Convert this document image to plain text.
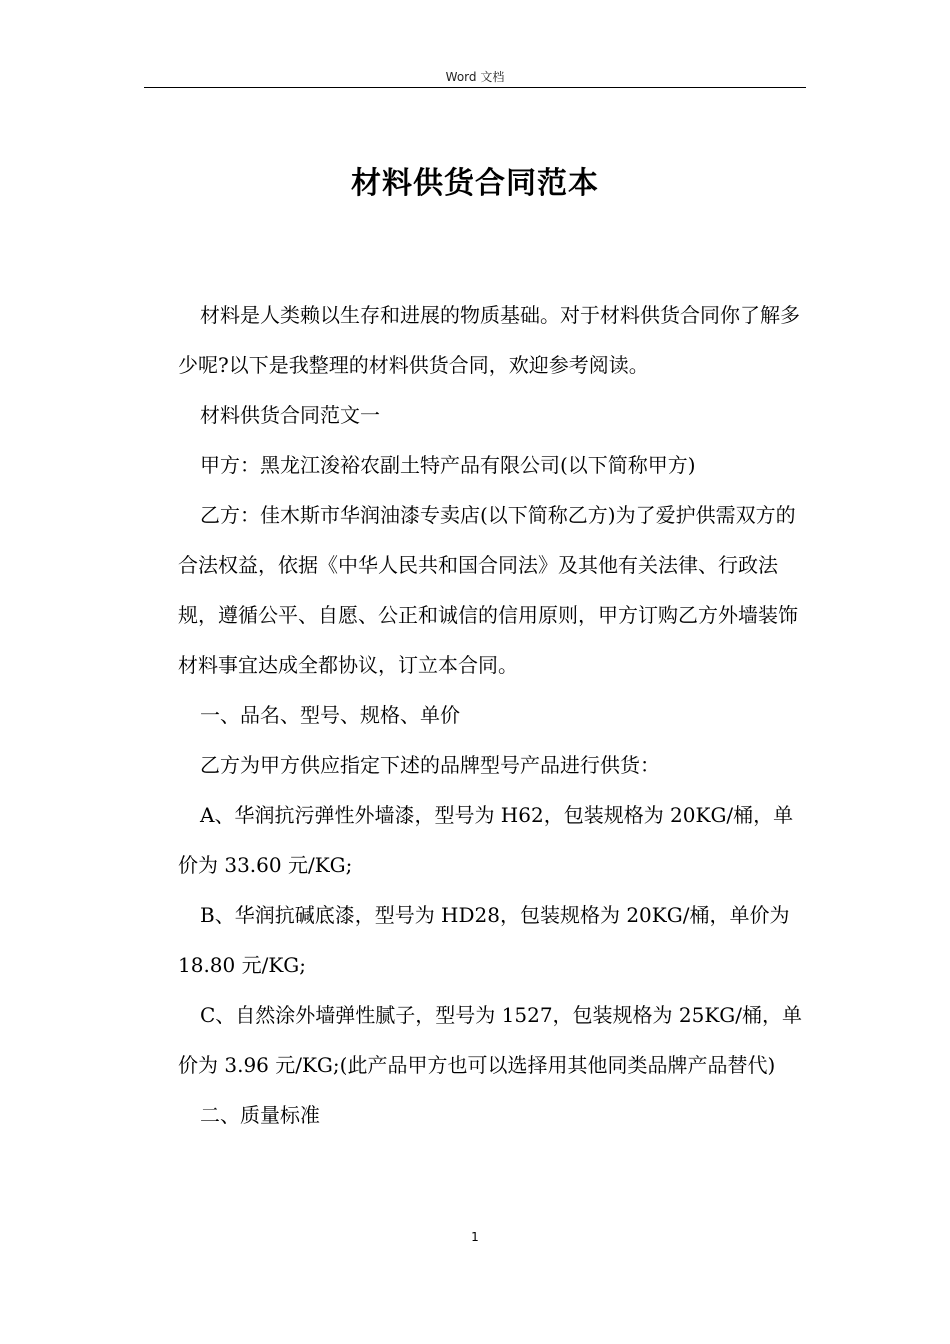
Word 文档
材料供货合同范本

材料是人类赖以生存和进展的物质基础。对于材料供货合同你了解多少呢?以下是我整理的材料供货合同，欢迎参考阅读。

材料供货合同范文一

甲方：黑龙江浚裕农副土特产品有限公司(以下简称甲方)

乙方：佳木斯市华润油漆专卖店(以下简称乙方)为了爱护供需双方的合法权益，依据《中华人民共和国合同法》及其他有关法律、行政法规，遵循公平、自愿、公正和诚信的信用原则，甲方订购乙方外墙装饰材料事宜达成全都协议，订立本合同。

一、品名、型号、规格、单价

乙方为甲方供应指定下述的品牌型号产品进行供货：

A、华润抗污弹性外墙漆，型号为 H62，包装规格为 20KG/桶，单价为 33.60 元/KG;

B、华润抗碱底漆，型号为 HD28，包装规格为 20KG/桶，单价为 18.80 元/KG;

C、自然涂外墙弹性腻子，型号为 1527，包装规格为 25KG/桶，单价为 3.96 元/KG;(此产品甲方也可以选择用其他同类品牌产品替代)

二、质量标准

1
